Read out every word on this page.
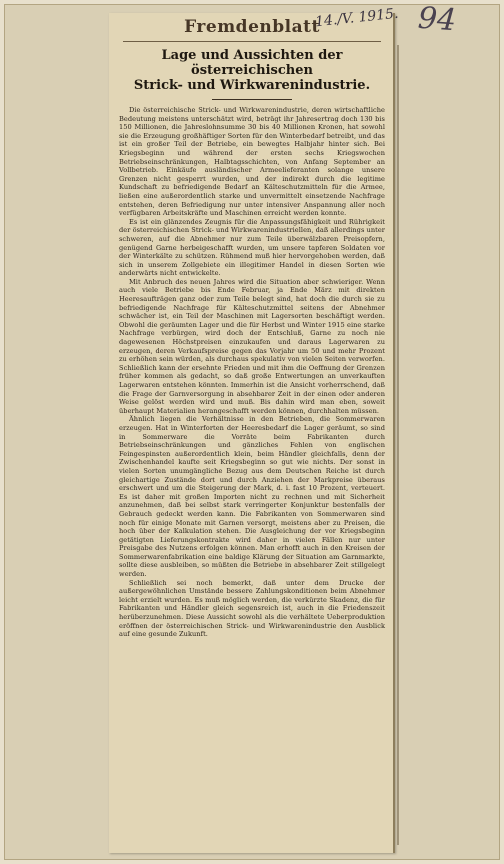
Fremdenblatt
Lage und Aussichten der österreichischen
Strick- und Wirkwarenindustrie.

Die österreichische Strick- und Wirkwarenindustrie, deren wirtschaftliche Bedeutung meistens unterschätzt wird, beträgt ihr Jahresertrag doch 130 bis 150 Millionen, die Jahreslohnsumme 30 bis 40 Millionen Kronen, hat sowohl sie die Erzeugung großhäftiger Sorten für den Winterbedarf betreibt, und das ist ein großer Teil der Betriebe, ein bewegtes Halbjahr hinter sich. Bei Kriegsbeginn und während der ersten sechs Kriegswochen Betriebseinschränkungen, Halbtagsschichten, von Anfang September an Vollbetrieb. Einkäufe ausländischer Armeelieferanten solange unsere Grenzen nicht gesperrt wurden, und der indirekt durch die legitime Kundschaft zu befriedigende Bedarf an Kälteschutzmitteln für die Armee, ließen eine außerordentlich starke und unvermittelt einsetzende Nachfrage entstehen, deren Befriedigung nur unter intensiver Anspannung aller noch verfügbaren Arbeitskräfte und Maschinen erreicht werden konnte.

Es ist ein glänzendes Zeugnis für die Anpassungsfähigkeit und Rührigkeit der österreichischen Strick- und Wirkwarenindustriellen, daß allerdings unter schweren, auf die Abnehmer nur zum Teile überwälzbaren Preisopfern, genügend Garne herbeigeschafft wurden, um unsere tapferen Soldaten vor der Winterkälte zu schützen. Rühmend muß hier hervorgehoben werden, daß sich in unserem Zollgebiete ein illegitimer Handel in diesen Sorten wie anderwärts nicht entwickelte.

Mit Anbruch des neuen Jahres wird die Situation aber schwieriger. Wenn auch viele Betriebe bis Ende Februar, ja Ende März mit direkten Heeresaufträgen ganz oder zum Teile belegt sind, hat doch die durch sie zu befriedigende Nachfrage für Kälteschutzmittel seitens der Abnehmer schwächer ist, ein Teil der Maschinen mit Lagersorten beschäftigt werden. Obwohl die geräumten Lager und die für Herbst und Winter 1915 eine starke Nachfrage verbürgen, wird doch der Entschluß, Garne zu noch nie dagewesenen Höchstpreisen einzukaufen und daraus Lagerwaren zu erzeugen, deren Verkaufspreise gegen das Vorjahr um 50 und mehr Prozent zu erhöhen sein würden, als durchaus spekulativ von vielen Seiten verworfen. Schließlich kann der ersehnte Frieden und mit ihm die Oeffnung der Grenzen früher kommen als gedacht, so daß große Entwertungen an unverkauften Lagerwaren entstehen könnten. Immerhin ist die Ansicht vorherrschend, daß die Frage der Garnversorgung in absehbarer Zeit in der einen oder anderen Weise gelöst werden wird und muß. Bis dahin wird man eben, soweit überhaupt Materialien herangeschafft werden können, durchhalten müssen.

Ähnlich liegen die Verhältnisse in den Betrieben, die Sommerwaren erzeugen. Hat in Winterforten der Heeresbedarf die Lager geräumt, so sind in Sommerware die Vorräte beim Fabrikanten durch Betriebseinschränkungen und gänzliches Fehlen von englischen Feingespinsten außerordentlich klein, beim Händler gleichfalls, denn der Zwischenhandel kaufte seit Kriegsbeginn so gut wie nichts. Der sonst in vielen Sorten unumgängliche Bezug aus dem Deutschen Reiche ist durch gleichartige Zustände dort und durch Anziehen der Markpreise überaus erschwert und um die Steigerung der Mark, d. i. fast 10 Prozent, verteuert. Es ist daher mit großen Importen nicht zu rechnen und mit Sicherheit anzunehmen, daß bei selbst stark verringerter Konjunktur bestenfalls der Gebrauch gedeckt werden kann. Die Fabrikanten von Sommerwaren sind noch für einige Monate mit Garnen versorgt, meistens aber zu Preisen, die hoch über der Kalkulation stehen. Die Ausgleichung der vor Kriegsbeginn getätigten Lieferungskontrakte wird daher in vielen Fällen nur unter Preisgabe des Nutzens erfolgen können. Man erhofft auch in den Kreisen der Sommerwarenfabrikation eine baldige Klärung der Situation am Garnmarkte, sollte diese ausbleiben, so müßten die Betriebe in absehbarer Zeit stillgelegt werden.

Schließlich sei noch bemerkt, daß unter dem Drucke der außergewöhnlichen Umstände bessere Zahlungskonditionen beim Abnehmer leicht erzielt wurden. Es muß möglich werden, die verkürzte Skadenz, die für Fabrikanten und Händler gleich segensreich ist, auch in die Friedenszeit herüberzunehmen. Diese Aussicht sowohl als die verhältete Ueberproduktion eröffnen der österreichischen Strick- und Wirkwarenindustrie den Ausblick auf eine gesunde Zukunft.

14./V. 1915. 94
